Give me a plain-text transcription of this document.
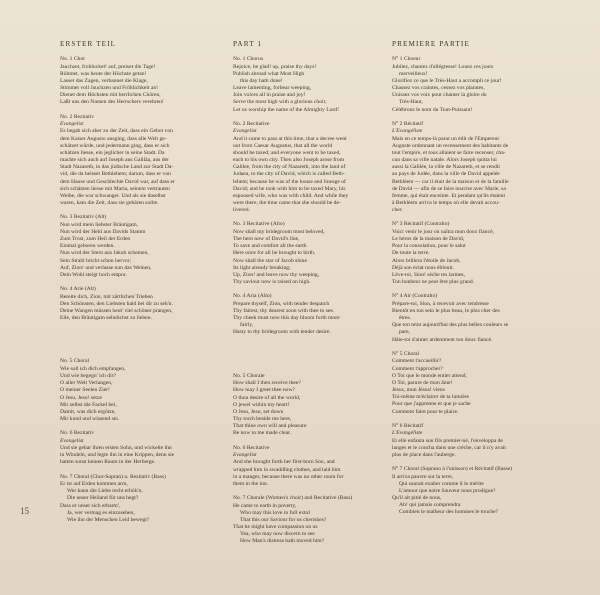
ERSTER TEIL
No. 1 Chor
Jauchzet, frohlocket! auf, preiset die Tage!
Rühmet, was heute der Höchste getan!
Lasset das Zagen, verbannet die Klage,
Stimmet voll Jauchzen und Fröhlichkeit an!
Dienet dem Höchsten mit herrlichen Chören,
Laßt uns den Namen des Herrschers verehren!
No. 2 Rezitativ
Evangelist
Es begab sich aber zu der Zeit, dass ein Gebot von
dem Kaiser Augusto ausging, dass alle Welt ge-
schätzet würde, und jedermann ging, dass er sich
schätzen liesse, ein jeglicher in seine Stadt. Da
machte sich auch auf Joseph aus Galiläa, aus der
Stadt Nazareth, in das jüdische Land zur Stadt Da-
vid, die da heisset Bethlehem; darum, dass er von
dem Hause und Geschlechte David war, auf dass er
sich schätzen liesse mit Maria, seinem vertrauten
Weibe, die war schwanger. Und als sie daselbst
waren, kam die Zeit, dass sie gebären sollte.
No. 3 Rezitativ (Alt)
Nun wird mein liebster Bräutigam,
Nun wird der Held aus Davids Stamm
Zum Trost, zum Heil der Erden
Einmal geboren werden.
Nun wird der Stern aus Jakob scheinen,
Sein Strahl bricht schon hervor;
Auf, Zion! und verlasse nun das Weinen,
Dein Wohl steigt hoch empor.
No. 4 Arie (Alt)
Bereite dich, Zion, mit zärtlichen Trieben
Den Schönsten, den Liebsten bald bei dir zu seh'n.
Deine Wangen müssen heut' viel schöner prangen,
Eile, den Bräutigam sehnlichst zu lieben.
No. 5 Choral
Wie soll ich dich empfangen,
Und wie begegn' ich dir?
O aller Welt Verlangen,
O meiner Seelen Zier!
O Jesu, Jesu! setze
Mir selbst die Fackel bei,
Damit, was dich ergötze,
Mir kund und wissend sei.
No. 6 Rezitativ
Evangelist
Und sie gebar ihren ersten Sohn, und wickelte ihn
in Windeln, und legte ihn in eine Krippen, denn sie
hatten sonst keinen Raum in der Herberge.
No. 7 Choral (Chor-Sopran) u. Rezitativ (Bass)
Er ist auf Erden kommen arm,
Wer kann die Liebe recht erhöh'n,
Die unser Heiland für uns hegt?
Dass er unser sich erbarm',
Ja, wer vermag es einzusehen,
Wie ihn der Menschen Leid bewegt?
PART 1
No. 1 Chorus
Rejoice, be glad! up, praise thy days!
Publish abroad what Most High
this day hath done!
Leave lamenting, forbear weeping,
Join voices all in praise and joy!
Serve the most high with a glorious choir,
Let us worship the name of the Almighty Lord!
No. 2 Recitative
Evangelist
And it came to pass at this time, that a decree went
out from Caesar Augustus, that all the world
should be taxed; and everyone went to be taxed,
each to his own city. Then also Joseph arose from
Galilee, from the city of Nazareth, into the land of
Judaea, to the city of David, which is called Beth-
lehem; because he was of the house and lineage of
David; and he took with him to be taxed Mary, his
espoused wife, who was with child. And while they
were there, the time came that she should be de-
livered.
No. 3 Recitative (Alto)
Now shall my bridegroom most beloved,
The hero now of David's line,
To save and comfort all the earth
Here once for all be brought to birth.
Now shall the star of Jacob shine
Its light already breaking;
Up, Zion! and leave now thy weeping,
Thy saviour now is raised on high.
No. 4 Aria (Alto)
Prepare thyself, Zion, with tender despatch
Thy fairest, thy dearest soon with thee to see.
Thy cheek must now this day bloom forth more
fairly,
Hasty to thy bridegroom with tender desire.
No. 5 Chorale
How shall I then receive thee?
How may I greet thee now?
O thou desire of all the world,
O jewel within my heart!
O Jesu, Jesu, set down
Thy torch beside me here,
That thine own will and pleasure
Be now to me made clear.
No. 6 Recitative
Evangelist
And she brought forth her first-born Son, and
wrapped him in swaddling clothes, and laid him
in a manger, because there was no other room for
them in the inn.
No. 7 Chorale (Women's choir) and Recitative (Bass)
He came to earth in poverty,
Who may this love in full extol
That this our Saviour for us cherishes?
That he might have compassion on us
Yea, who may now discern to see
How Man's distress hath moved him?
PREMIERE PARTIE
N° 1 Choeur
Jubilez, chantez d'allégresse! Louez ces jours
merveilleux!
Glorifiez ce que le Très-Haut a accompli ce jour!
Chassez vos craintes, cessez vos plaintes,
Unissez vos voix pour chanter la gloire du
Très-Haut,
Célébrons le nom du Tout-Puissant!
N° 2 Récitatif
L'Evangéliste
Mais en ce temps-là parut un édit de l'Empereur
Auguste ordonnant un recensement des habitants de
tout l'empire, et tous allaient se faire recenser, cha-
cun dans sa ville natale. Alors Joseph quitta lui
aussi la Galilée, la ville de Nazareth, et se rendit
au pays de Judée, dans la ville de David appelée
Bethléem — car il était de la maison et de la famille
de David — afin de se faire inscrire avec Marie, sa
femme, qui était enceinte. Et pendant qu'ils étaient
à Bethléem arriva le temps où elle devait accou-
cher.
N° 3 Récitatif (Contralto)
Voici venir le jour où naîtra mon doux fiancé,
Le héros de la maison de David,
Pour la consolation, pour le salut
De toute la terre.
Alors brillera l'étoile de Jacob,
Déjà son éclat nous éblouit.
Lève-toi, Sion! sèche tes larmes,
Ton bonheur ne peut être plus grand.
N° 4 Air (Contralto)
Prépare-toi, Sion, à recevoir avec tendresse
Bientôt en ton sein le plus beau, le plus cher des
êtres.
Que ton teint aujourd'hui des plus belles couleurs se
pare,
Hâte-toi d'aimer ardemment ton doux fiancé.
N° 5 Choral
Comment t'accueillir?
Comment t'approcher?
O Toi que le monde entier attend,
O Toi, parure de mon âme!
Jésus, mon Jésus! viens
Toi-même m'éclairer de ta lumière
Pour que j'apprenne et que je sache
Comment faire pour te plaire.
N° 6 Récitatif
L'Evangéliste
Et elle enfanta son fils premier-né, l'enveloppa de
langes et le coucha dans une crèche, car il n'y avait
plus de place dans l'auberge.
N° 7 Choral (Soprano à l'unisson) et Récitatif (Basse)
Il arriva pauvre sur la terre,
Qui saurait exalter comme il le mérite
L'amour que notre Sauveur nous prodigue?
Qu'il ait pitié de nous,
Ah! qui jamais comprendra
Combien le malheur des hommes le touche?
15
